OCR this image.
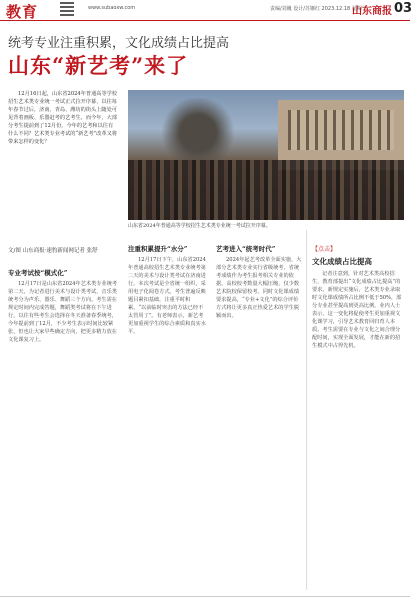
教育	www.subaoxw.com	责编/刘巍 设计/苏娜红 2023.12.18 星期一
山东商报 03
统考专业注重积累，文化成绩占比提高
山东“新艺考”来了
12月16日起，山东省2024年普通高等学校招生艺术类专业统一考试正式拉开序幕，以往每年春节过后，济南、青岛、潍坊的街头上随处可见背着画板、乐器赶考的艺考生，而今年，大部分考生提前到了12月份。今年的艺考和以往有什么不同？艺术类专业考试的“新艺考”改革又将带来怎样的变化？
文/图 山东商报·速豹新闻网记者 张舒
山东省2024年普通高等学校招生艺术类专业统一考试拉开序幕。
专业考试按“模式化”
12月17日是山东省2024年艺术类专业统考第二天，为记者进行美术与设计类考试，音乐类统考分为声乐、器乐、舞蹈三个方向。考生需在规定时间内完成答题，舞蹈类考试将在下午进行，以往有些考生会选择在冬天准备春季统考，今年提前到了12月，不少考生表示时间比较紧张，但也让大家早些确定方向，把更多精力放在文化课复习上。
注重积累提升“水分”
12月17日下午，山东省2024年普通高校招生艺术类专业统考第二天的美术与设计类考试在济南进行。本次考试是全省统一组织，采用电子化阅卷方式。考生普遍反映题目紧扣基础，注重平时积累，“以前临时突击的方法已经不太管用了”。有老师表示，新艺考更加重视学生的综合素质和真实水平。
艺考进入“统考时代”
2024年起艺考改革全面实施，大部分艺术类专业实行省级统考，省统考成绩作为考生报考相关专业的依据。高校校考数量大幅压缩，仅少数艺术院校保留校考。同时文化课成绩要求提高，“专业+文化”的综合评价方式将让更多真正热爱艺术的学生脱颖而出。
【点击】
文化成绩占比提高
记者注意到，针对艺术类高校招生，教育部提出“文化成绩占比提高”的要求。新规定实施后，艺术类专业录取时文化课成绩所占比例不低于50%，部分专业甚至提高到更高比例。业内人士表示，这一变化将促使考生更加重视文化课学习，引导艺术教育回归育人本质。考生需要在专业与文化之间合理分配时间，实现全面发展，才能在新的招生模式中占得先机。
